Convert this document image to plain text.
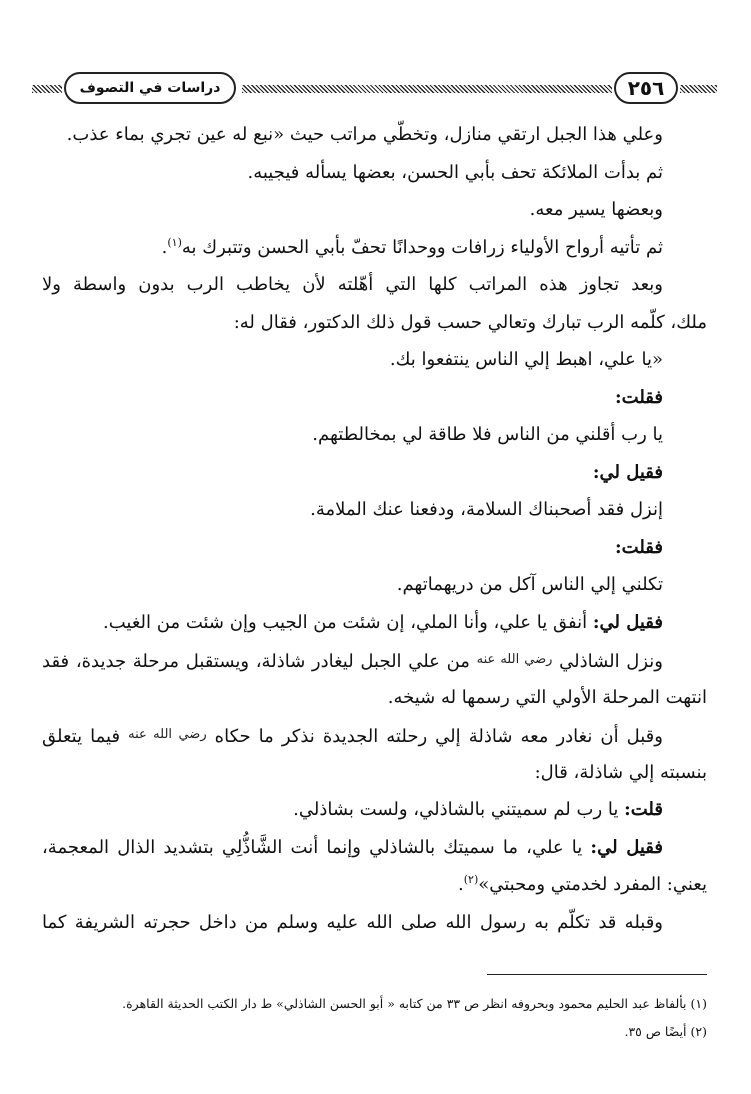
دراسات في التصوف	٢٥٦
وعلي هذا الجبل ارتقي منازل، وتخطّي مراتب حيث «نبع له عين تجري بماء عذب.
ثم بدأت الملائكة تحف بأبي الحسن، بعضها يسأله فيجيبه.
وبعضها يسير معه.
ثم تأتيه أرواح الأولياء زرافات ووحدانًا تحفّ بأبي الحسن وتتبرك به$^{(١)}$.
وبعد تجاوز هذه المراتب كلها التي أهّلته لأن يخاطب الرب بدون واسطة ولا
ملك، كلّمه الرب تبارك وتعالي حسب قول ذلك الدكتور، فقال له:
«يا علي، اهبط إلي الناس ينتفعوا بك.
فقلت:
يا رب أقلني من الناس فلا طاقة لي بمخالطتهم.
فقيل لي:
إنزل فقد أصحبناك السلامة، ودفعنا عنك الملامة.
فقلت:
تكلني إلي الناس آكل من دريهماتهم.
فقيل لي: أنفق يا علي، وأنا الملي، إن شئت من الجيب وإن شئت من الغيب.
ونزل الشاذلي $^{رضي الله عنه}$ من علي الجبل ليغادر شاذلة، ويستقبل مرحلة جديدة، فقد
انتهت المرحلة الأولي التي رسمها له شيخه.
وقبل أن نغادر معه شاذلة إلي رحلته الجديدة نذكر ما حكاه $^{رضي الله عنه}$ فيما يتعلق
بنسبته إلي شاذلة، قال:
قلت: يا رب لم سميتني بالشاذلي، ولست بشاذلي.
فقيل لي: يا علي، ما سميتك بالشاذلي وإنما أنت الشَّاذُّلِي بتشديد الذال المعجمة،
يعني: المفرد لخدمتي ومحبتي»$^{(٢)}$.
وقبله قد تكلّم به رسول الله صلى الله عليه وسلم من داخل حجرته الشريفة كما
(١) بألفاظ عبد الحليم محمود وبحروفه انظر ص ٣٣ من كتابه « أبو الحسن الشاذلي» ط دار الكتب الحديثة القاهرة.
(٢) أيضًا ص ٣٥.
